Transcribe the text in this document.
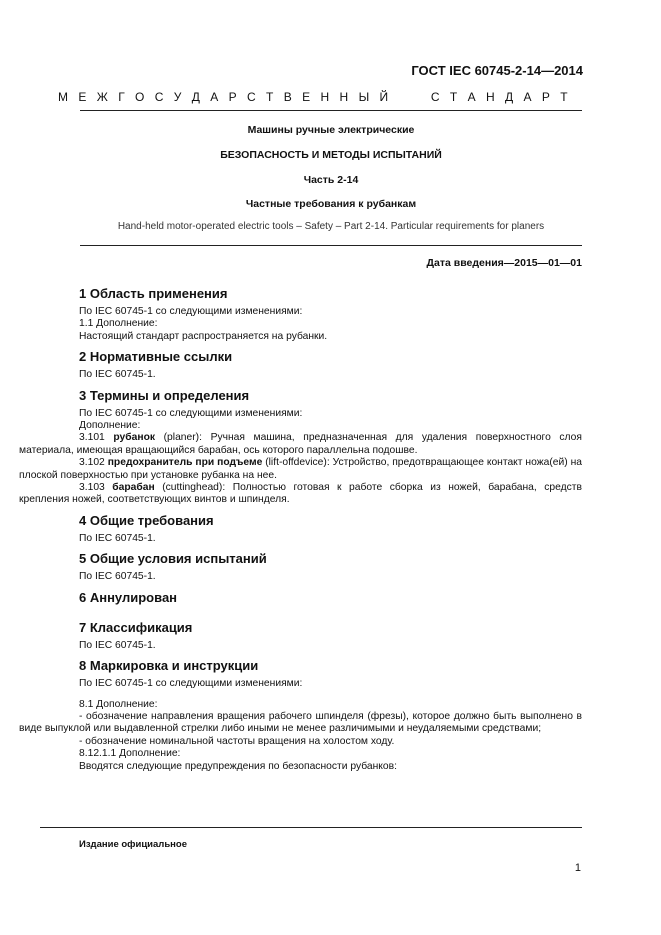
ГОСТ IEC 60745-2-14—2014
М Е Ж Г О С У Д А Р С Т В Е Н Н Ы Й	С Т А Н Д А Р Т
Машины ручные электрические
БЕЗОПАСНОСТЬ И МЕТОДЫ ИСПЫТАНИЙ
Часть 2-14
Частные требования к рубанкам
Hand-held motor-operated electric tools – Safety – Part 2-14. Particular requirements for planers
Дата введения—2015—01—01
1 Область применения

По IEC 60745-1 со следующими изменениями:

1.1 Дополнение:

Настоящий стандарт распространяется на рубанки.

2 Нормативные ссылки

По IEC 60745-1.

3 Термины и определения

По IEC 60745-1 со следующими изменениями:

Дополнение:

3.101 рубанок (planer): Ручная машина, предназначенная для удаления поверхностного слоя материала, имеющая вращающийся барабан, ось которого параллельна подошве.

3.102 предохранитель при подъеме (lift-offdevice): Устройство, предотвращающее контакт ножа(ей) на плоской поверхностью при установке рубанка на нее.

3.103 барабан (cuttinghead): Полностью готовая к работе сборка из ножей, барабана, средств крепления ножей, соответствующих винтов и шпинделя.

4 Общие требования

По IEC 60745-1.

5 Общие условия испытаний

По IEC 60745-1.

6 Аннулирован
7 Классификация

По IEC 60745-1.

8 Маркировка и инструкции

По IEC 60745-1 со следующими изменениями:

8.1 Дополнение:

- обозначение направления вращения рабочего шпинделя (фрезы), которое должно быть выполнено в виде выпуклой или выдавленной стрелки либо иными не менее различимыми и неудаляемыми средствами;

- обозначение номинальной частоты вращения на холостом ходу.

8.12.1.1 Дополнение:

Вводятся следующие предупреждения по безопасности рубанков:

Издание официальное
1
